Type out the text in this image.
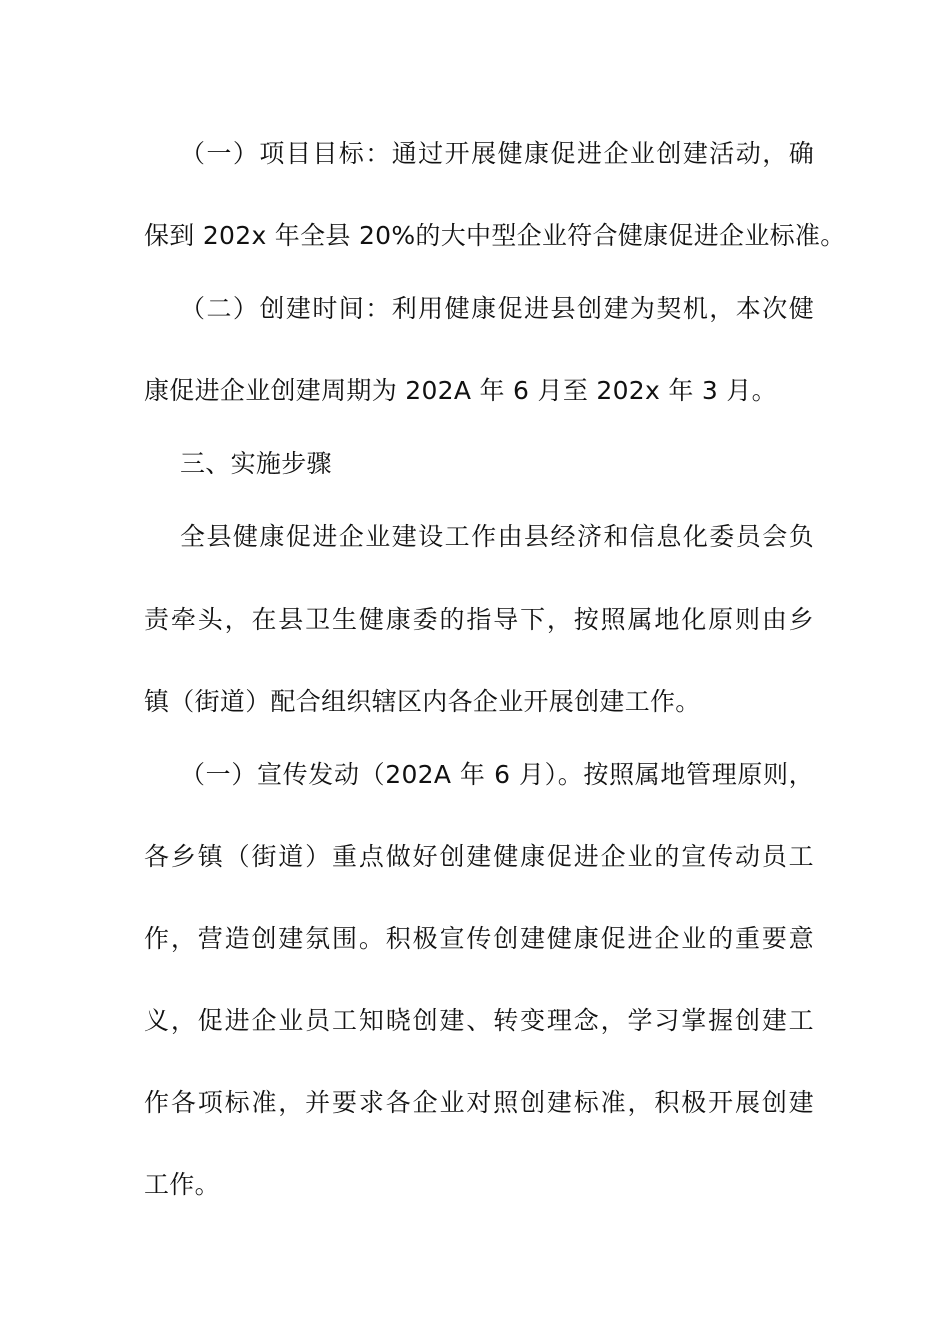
（一）项目目标：通过开展健康促进企业创建活动，确
保到 202x 年全县 20%的大中型企业符合健康促进企业标准。
（二）创建时间：利用健康促进县创建为契机，本次健
康促进企业创建周期为 202A 年 6 月至 202x 年 3 月。
三、实施步骤
全县健康促进企业建设工作由县经济和信息化委员会负
责牵头，在县卫生健康委的指导下，按照属地化原则由乡
镇（街道）配合组织辖区内各企业开展创建工作。
（一）宣传发动（202A 年 6 月）。按照属地管理原则，
各乡镇（街道）重点做好创建健康促进企业的宣传动员工
作，营造创建氛围。积极宣传创建健康促进企业的重要意
义，促进企业员工知晓创建、转变理念，学习掌握创建工
作各项标准，并要求各企业对照创建标准，积极开展创建
工作。
